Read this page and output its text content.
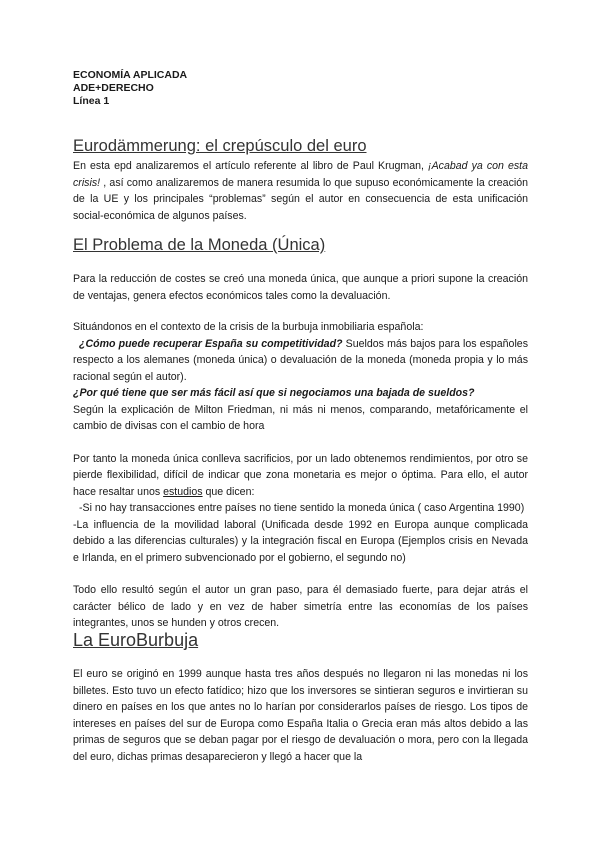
ECONOMÍA APLICADA
ADE+DERECHO
Línea 1
Eurodämmerung: el crepúsculo del euro

En esta epd analizaremos el artículo referente al libro de Paul Krugman, ¡Acabad ya con esta crisis! , así como analizaremos de manera resumida lo que supuso económicamente la creación de la UE y los principales “problemas” según el autor en consecuencia de esta unificación social-económica de algunos países.

El Problema de la Moneda (Única)

Para la reducción de costes se creó una moneda única, que aunque a priori supone la creación de ventajas, genera efectos económicos tales como la devaluación.

Situándonos en el contexto de la crisis de la burbuja inmobiliaria española:

¿Cómo puede recuperar España su competitividad? Sueldos más bajos para los españoles respecto a los alemanes (moneda única) o devaluación de la moneda (moneda propia y lo más racional según el autor).

¿Por qué tiene que ser más fácil así que si negociamos una bajada de sueldos?

Según la explicación de Milton Friedman, ni más ni menos, comparando, metafóricamente el cambio de divisas con el cambio de hora

Por tanto la moneda única conlleva sacrificios, por un lado obtenemos rendimientos, por otro se pierde flexibilidad, difícil de indicar que zona monetaria es mejor o óptima. Para ello, el autor hace resaltar unos estudios que dicen:

-Si no hay transacciones entre países no tiene sentido la moneda única ( caso Argentina 1990)

-La influencia de la movilidad laboral (Unificada desde 1992 en Europa aunque complicada debido a las diferencias culturales) y la integración fiscal en Europa (Ejemplos crisis en Nevada e Irlanda, en el primero subvencionado por el gobierno, el segundo no)

Todo ello resultó según el autor un gran paso, para él demasiado fuerte, para dejar atrás el carácter bélico de lado y en vez de haber simetría entre las economías de los países integrantes, unos se hunden y otros crecen.

La EuroBurbuja

El euro se originó en 1999 aunque hasta tres años después no llegaron ni las monedas ni los billetes. Esto tuvo un efecto fatídico; hizo que los inversores se sintieran seguros e invirtieran su dinero en países en los que antes no lo harían por considerarlos países de riesgo. Los tipos de intereses en países del sur de Europa como España Italia o Grecia eran más altos debido a las primas de seguros que se deban pagar por el riesgo de devaluación o mora, pero con la llegada del euro, dichas primas desaparecieron y llegó a hacer que la
